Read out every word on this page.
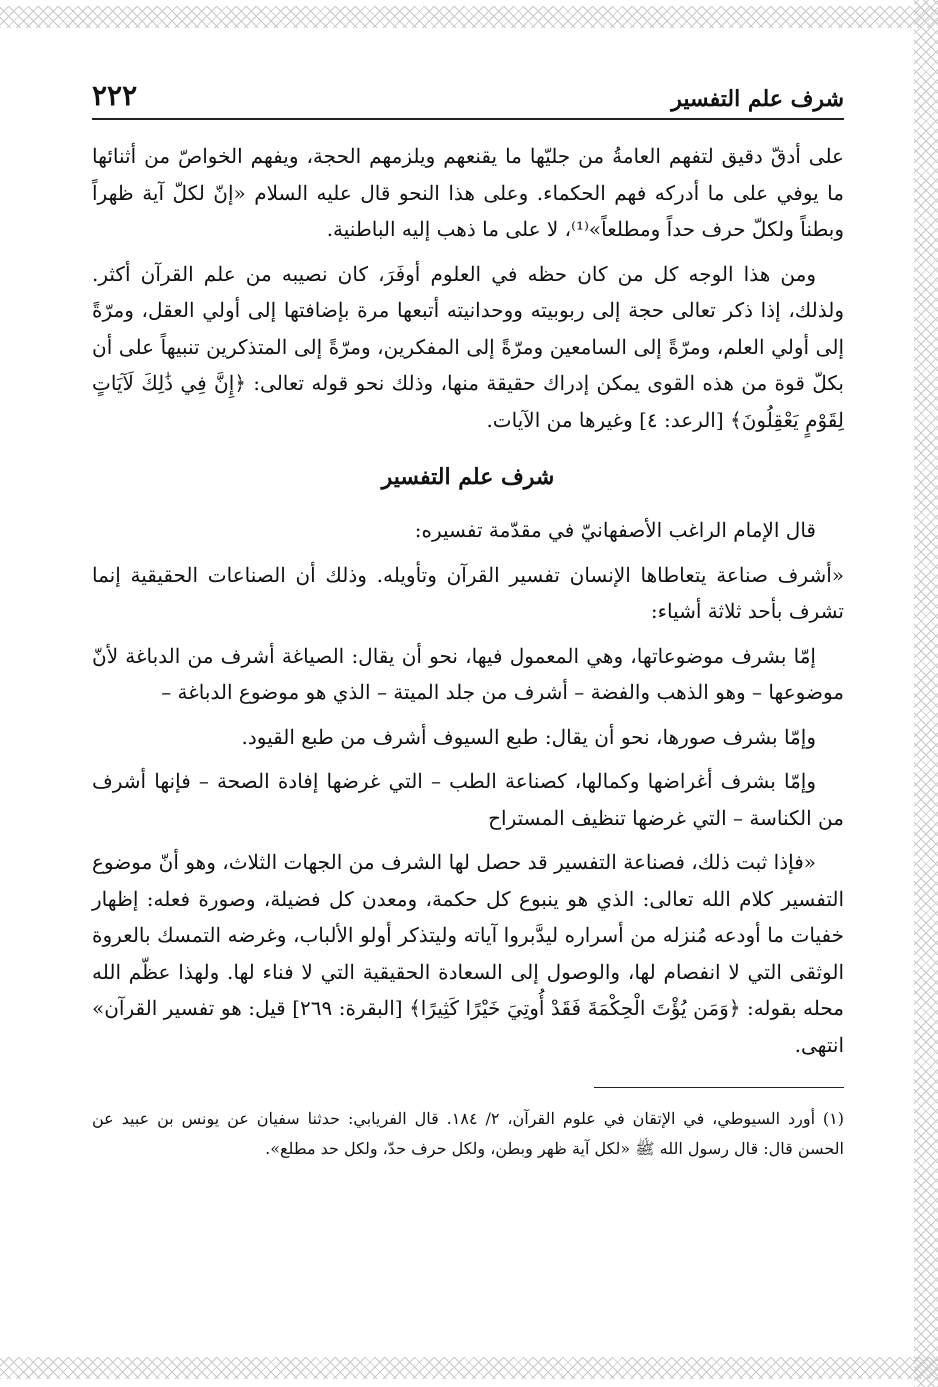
شرف علم التفسير
٢٢٢

على أدقّ دقيق لتفهم العامةُ من جليّها ما يقنعهم ويلزمهم الحجة، ويفهم الخواصّ من أثنائها ما يوفي على ما أدركه فهم الحكماء. وعلى هذا النحو قال عليه السلام «إنّ لكلّ آية ظهراً وبطناً ولكلّ حرف حداً ومطلعاً»⁽¹⁾، لا على ما ذهب إليه الباطنية.

ومن هذا الوجه كل من كان حظه في العلوم أوفَرَ، كان نصيبه من علم القرآن أكثر. ولذلك، إذا ذكر تعالى حجة إلى ربوبيته ووحدانيته أتبعها مرة بإضافتها إلى أولي العقل، ومرّةً إلى أولي العلم، ومرّةً إلى السامعين ومرّةً إلى المفكرين، ومرّةً إلى المتذكرين تنبيهاً على أن بكلّ قوة من هذه القوى يمكن إدراك حقيقة منها، وذلك نحو قوله تعالى: ﴿إِنَّ فِي ذَٰلِكَ لَآيَاتٍ لِقَوْمٍ يَعْقِلُونَ﴾ [الرعد: ٤] وغيرها من الآيات.

شرف علم التفسير

قال الإمام الراغب الأصفهانيّ في مقدّمة تفسيره:

«أشرف صناعة يتعاطاها الإنسان تفسير القرآن وتأويله. وذلك أن الصناعات الحقيقية إنما تشرف بأحد ثلاثة أشياء:

إمّا بشرف موضوعاتها، وهي المعمول فيها، نحو أن يقال: الصياغة أشرف من الدباغة لأنّ موضوعها – وهو الذهب والفضة – أشرف من جلد الميتة – الذي هو موضوع الدباغة –

وإمّا بشرف صورها، نحو أن يقال: طبع السيوف أشرف من طبع القيود.

وإمّا بشرف أغراضها وكمالها، كصناعة الطب – التي غرضها إفادة الصحة – فإنها أشرف من الكناسة – التي غرضها تنظيف المستراح

«فإذا ثبت ذلك، فصناعة التفسير قد حصل لها الشرف من الجهات الثلاث، وهو أنّ موضوع التفسير كلام الله تعالى: الذي هو ينبوع كل حكمة، ومعدن كل فضيلة، وصورة فعله: إظهار خفيات ما أودعه مُنزله من أسراره ليدَّبروا آياته وليتذكر أولو الألباب، وغرضه التمسك بالعروة الوثقى التي لا انفصام لها، والوصول إلى السعادة الحقيقية التي لا فناء لها. ولهذا عظّم الله محله بقوله: ﴿وَمَن يُؤْتَ الْحِكْمَةَ فَقَدْ أُوتِيَ خَيْرًا كَثِيرًا﴾ [البقرة: ٢٦٩] قيل: هو تفسير القرآن» انتهى.

(١) أورد السيوطي، في الإتقان في علوم القرآن، ٢/ ١٨٤. قال الفريابي: حدثنا سفيان عن يونس بن عبيد عن الحسن قال: قال رسول الله ﷺ «لكل آية ظهر وبطن، ولكل حرف حدّ، ولكل حد مطلع».
